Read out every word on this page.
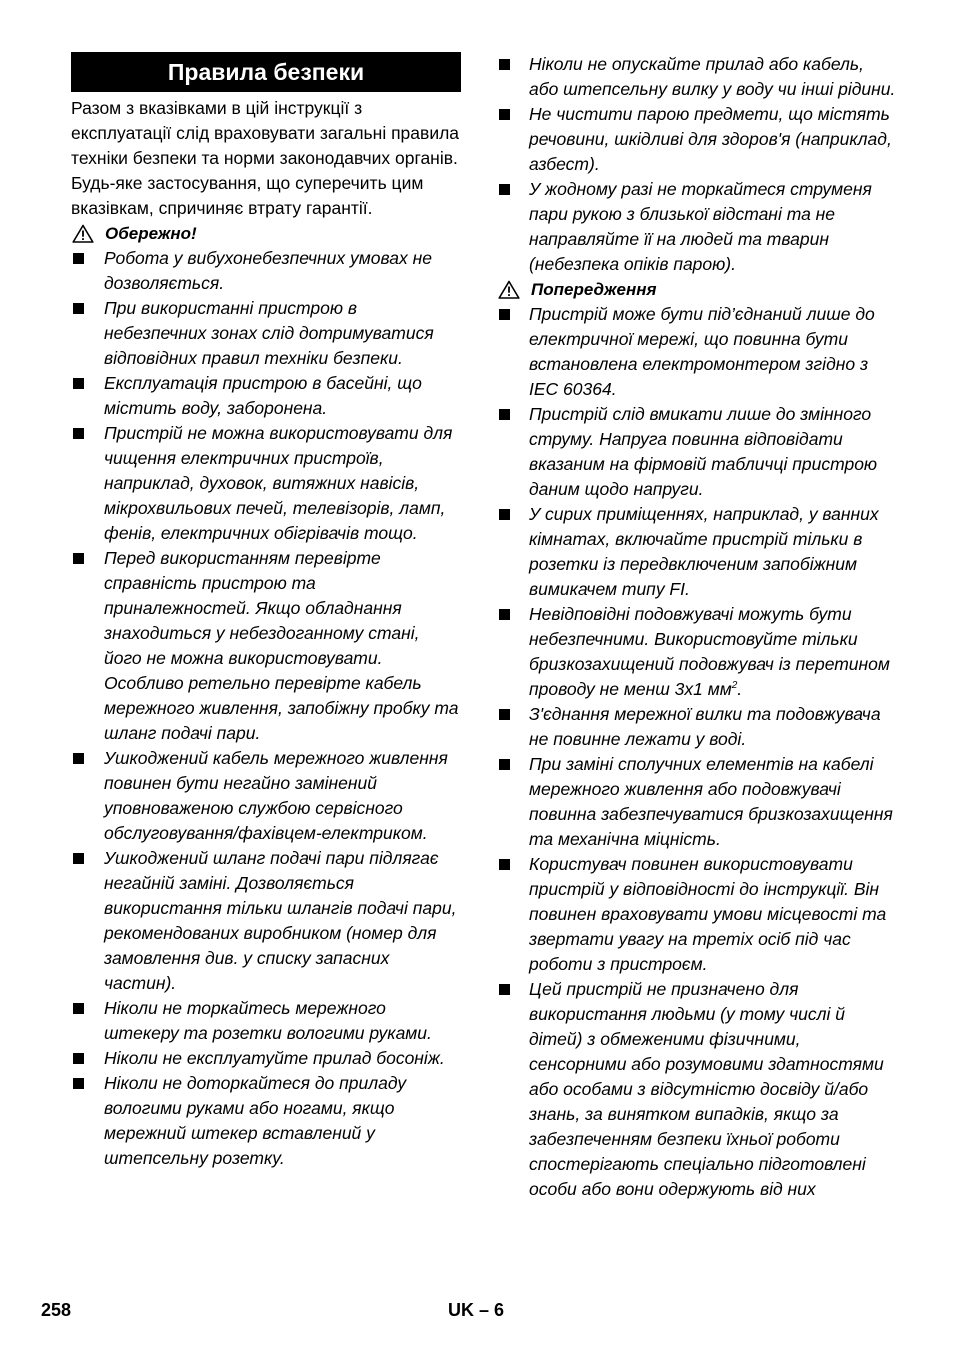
Правила безпеки

Разом з вказівками в цій інструкції з експлуатації слід враховувати загальні правила техніки безпеки та норми законодавчих органів.

Будь-яке застосування, що суперечить цим вказівкам, спричиняє втрату гарантії.

Обережно!
Робота у вибухонебезпечних умовах не дозволяється.
При використанні пристрою в небезпечних зонах слід дотримуватися відповідних правил техніки безпеки.
Експлуатація пристрою в басейні, що містить воду, заборонена.
Пристрій не можна використовувати для чищення електричних пристроїв, наприклад, духовок, витяжних навісів, мікрохвильових печей, телевізорів, ламп, фенів, електричних обігрівачів тощо.
Перед використанням перевірте справність пристрою та приналежностей. Якщо обладнання знаходиться у небездоганному стані, його не можна використовувати. Особливо ретельно перевірте кабель мережного живлення, запобіжну пробку та шланг подачі пари.
Ушкоджений кабель мережного живлення повинен бути негайно замінений уповноваженою службою сервісного обслуговування/фахівцем-електриком.
Ушкоджений шланг подачі пари підлягає негайній заміні. Дозволяється використання тільки шлангів подачі пари, рекомендованих виробником (номер для замовлення див. у списку запасних частин).
Ніколи не торкайтесь мережного штекеру та розетки вологими руками.
Ніколи не експлуатуйте прилад босоніж.
Ніколи не доторкайтеся до приладу вологими руками або ногами, якщо мережний штекер вставлений у штепсельну розетку.
Ніколи не опускайте прилад або кабель, або штепсельну вилку у воду чи інші рідини.
Не чистити парою предмети, що містять речовини, шкідливі для здоров'я (наприклад, азбест).
У жодному разі не торкайтеся струменя пари рукою з близької відстані та не направляйте її на людей та тварин (небезпека опіків парою).
Попередження
Пристрій може бути під’єднаний лише до електричної мережі, що повинна бути встановлена електромонтером згідно з IEC 60364.
Пристрій слід вмикати лише до змінного струму. Напруга повинна відповідати вказаним на фірмовій табличці пристрою даним щодо напруги.
У сирих приміщеннях, наприклад, у ванних кімнатах, включайте пристрій тільки в розетки із передвключеним запобіжним вимикачем типу FI.
Невідповідні подовжувачі можуть бути небезпечними. Використовуйте тільки бризкозахищений подовжувач із перетином проводу не менш 3х1 $мм^2$.
З'єднання мережної вилки та подовжувача не повинне лежати у воді.
При заміні сполучних елементів на кабелі мережного живлення або подовжувачі повинна забезпечуватися бризкозахищення та механічна міцність.
Користувач повинен використовувати пристрій у відповідності до інструкції. Він повинен враховувати умови місцевості та звертати увагу на третіх осіб під час роботи з пристроєм.
Цей пристрій не призначено для використання людьми (у тому числі й дітей) з обмеженими фізичними, сенсорними або розумовими здатностями або особами з відсутністю досвіду й/або знань, за винятком випадків, якщо за забезпеченням безпеки їхньої роботи спостерігають спеціально підготовлені особи або вони одержують від них
258	UK – 6
